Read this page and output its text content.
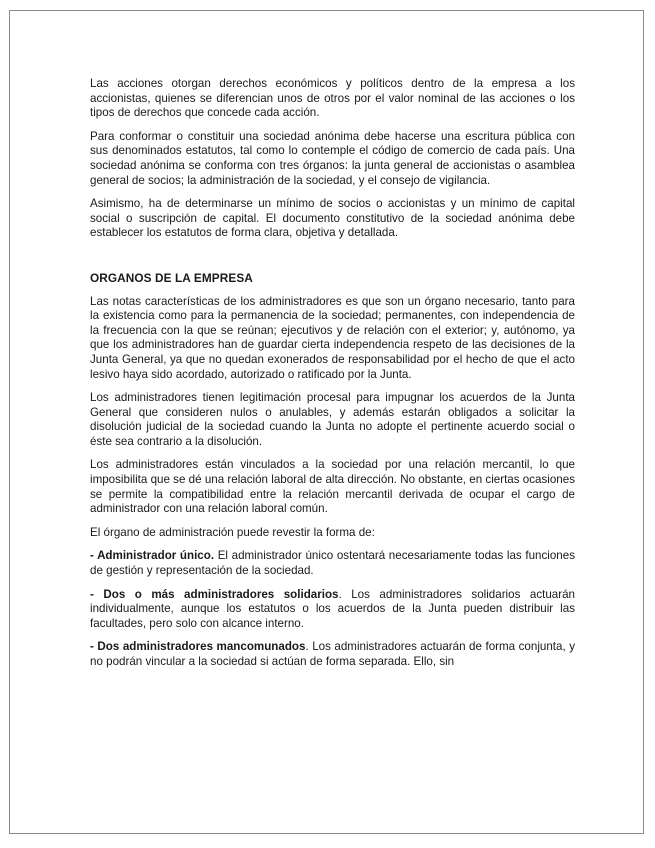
Las acciones otorgan derechos económicos y políticos dentro de la empresa a los accionistas, quienes se diferencian unos de otros por el valor nominal de las acciones o los tipos de derechos que concede cada acción.

Para conformar o constituir una sociedad anónima debe hacerse una escritura pública con sus denominados estatutos, tal como lo contemple el código de comercio de cada país. Una sociedad anónima se conforma con tres órganos: la junta general de accionistas o asamblea general de socios; la administración de la sociedad, y el consejo de vigilancia.

Asimismo, ha de determinarse un mínimo de socios o accionistas y un mínimo de capital social o suscripción de capital. El documento constitutivo de la sociedad anónima debe establecer los estatutos de forma clara, objetiva y detallada.

ORGANOS DE LA EMPRESA

Las notas características de los administradores es que son un órgano necesario, tanto para la existencia como para la permanencia de la sociedad; permanentes, con independencia de la frecuencia con la que se reúnan; ejecutivos y de relación con el exterior; y, autónomo, ya que los administradores han de guardar cierta independencia respeto de las decisiones de la Junta General, ya que no quedan exonerados de responsabilidad por el hecho de que el acto lesivo haya sido acordado, autorizado o ratificado por la Junta.

Los administradores tienen legitimación procesal para impugnar los acuerdos de la Junta General que consideren nulos o anulables, y además estarán obligados a solicitar la disolución judicial de la sociedad cuando la Junta no adopte el pertinente acuerdo social o éste sea contrario a la disolución.

Los administradores están vinculados a la sociedad por una relación mercantil, lo que imposibilita que se dé una relación laboral de alta dirección. No obstante, en ciertas ocasiones se permite la compatibilidad entre la relación mercantil derivada de ocupar el cargo de administrador con una relación laboral común.

El órgano de administración puede revestir la forma de:

- Administrador único. El administrador único ostentará necesariamente todas las funciones de gestión y representación de la sociedad.

- Dos o más administradores solidarios. Los administradores solidarios actuarán individualmente, aunque los estatutos o los acuerdos de la Junta pueden distribuir las facultades, pero solo con alcance interno.

- Dos administradores mancomunados. Los administradores actuarán de forma conjunta, y no podrán vincular a la sociedad si actúan de forma separada. Ello, sin
